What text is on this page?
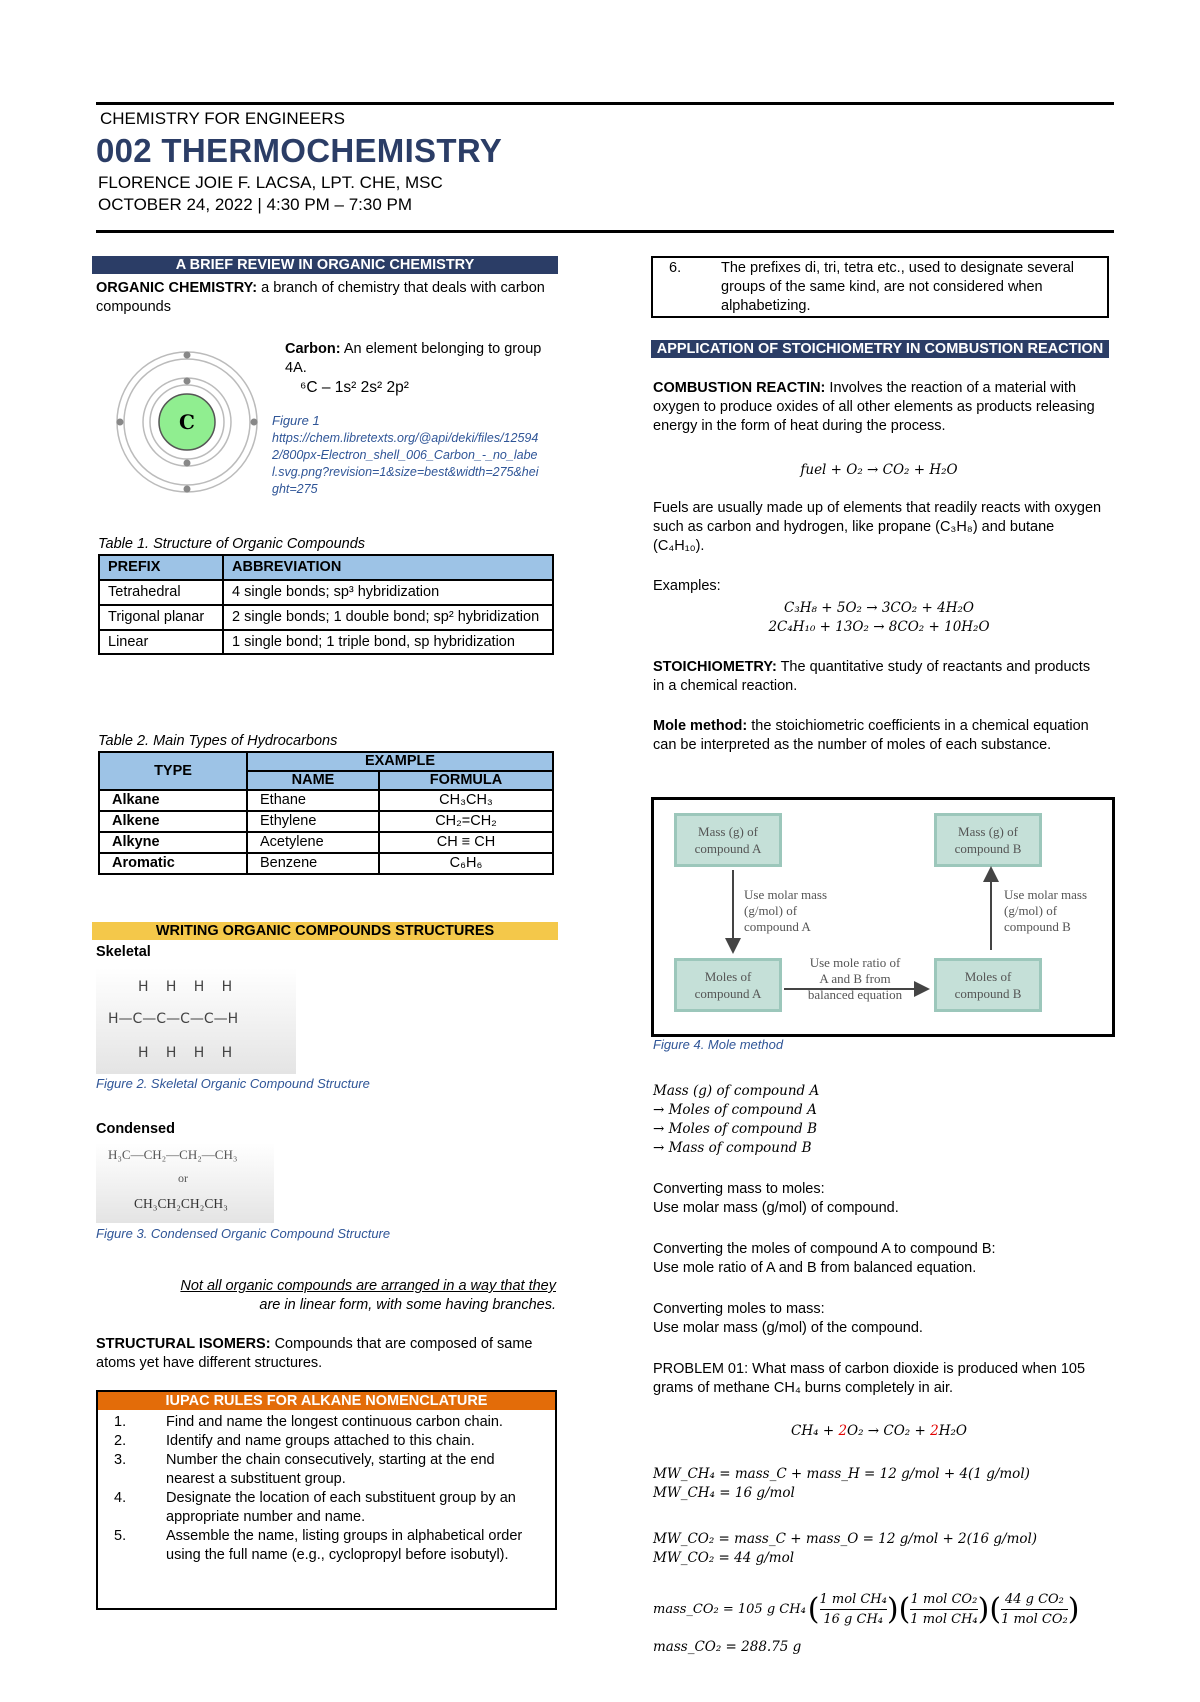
CHEMISTRY FOR ENGINEERS
002 THERMOCHEMISTRY
FLORENCE JOIE F. LACSA, LPT. CHE, MSC
OCTOBER 24, 2022 | 4:30 PM – 7:30 PM
A BRIEF REVIEW IN ORGANIC CHEMISTRY
ORGANIC CHEMISTRY: a branch of chemistry that deals with carbon compounds
C
Carbon: An element belonging to group 4A.
⁶C – 1s² 2s² 2p²
Figure 1
https://chem.libretexts.org/@api/deki/files/125942/800px-Electron_shell_006_Carbon_-_no_label.svg.png?revision=1&size=best&width=275&height=275
Table 1. Structure of Organic Compounds
PREFIX	ABBREVIATION
Tetrahedral	4 single bonds; sp³ hybridization
Trigonal planar	2 single bonds; 1 double bond; sp² hybridization
Linear	1 single bond; 1 triple bond, sp hybridization
Table 2. Main Types of Hydrocarbons
TYPE	EXAMPLE	
	NAME	FORMULA
Alkane	Ethane	CH₃CH₃
Alkene	Ethylene	CH₂=CH₂
Alkyne	Acetylene	CH ≡ CH
Aromatic	Benzene	C₆H₆
WRITING ORGANIC COMPOUNDS STRUCTURES
Skeletal
H   H   H   H
H—C—C—C—C—H
H   H   H   H
Figure 2. Skeletal Organic Compound Structure
Condensed
H₃C—CH₂—CH₂—CH₃
or
CH₃CH₂CH₂CH₃
Figure 3. Condensed Organic Compound Structure
Not all organic compounds are arranged in a way that they
are in linear form, with some having branches.
STRUCTURAL ISOMERS: Compounds that are composed of same atoms yet have different structures.
IUPAC RULES FOR ALKANE NOMENCLATURE
1.	Find and name the longest continuous carbon chain.
2.	Identify and name groups attached to this chain.
3.	Number the chain consecutively, starting at the end nearest a substituent group.
4.	Designate the location of each substituent group by an appropriate number and name.
5.	Assemble the name, listing groups in alphabetical order using the full name (e.g., cyclopropyl before isobutyl).
6.	The prefixes di, tri, tetra etc., used to designate several groups of the same kind, are not considered when alphabetizing.
APPLICATION OF STOICHIOMETRY IN COMBUSTION REACTION
COMBUSTION REACTIN: Involves the reaction of a material with oxygen to produce oxides of all other elements as products releasing energy in the form of heat during the process.
fuel + O₂ → CO₂ + H₂O
Fuels are usually made up of elements that readily reacts with oxygen such as carbon and hydrogen, like propane (C₃H₈) and butane (C₄H₁₀).
Examples:
C₃H₈ + 5O₂ → 3CO₂ + 4H₂O
2C₄H₁₀ + 13O₂ → 8CO₂ + 10H₂O
STOICHIOMETRY: The quantitative study of reactants and products in a chemical reaction.
Mole method: the stoichiometric coefficients in a chemical equation can be interpreted as the number of moles of each substance.
Mass (g) of compound A
Mass (g) of compound B
Moles of compound A
Moles of compound B
Use molar mass (g/mol) of compound A
Use molar mass (g/mol) of compound B
Use mole ratio of A and B from balanced equation
Figure 4. Mole method
Mass (g) of compound A
→ Moles of compound A
→ Moles of compound B
→ Mass of compound B
Converting mass to moles:
Use molar mass (g/mol) of compound.
Converting the moles of compound A to compound B:
Use mole ratio of A and B from balanced equation.
Converting moles to mass:
Use molar mass (g/mol) of the compound.
PROBLEM 01: What mass of carbon dioxide is produced when 105 grams of methane CH₄ burns completely in air.
CH₄ + 2O₂ → CO₂ + 2H₂O
MW_CH₄ = mass_C + mass_H = 12 g/mol + 4(1 g/mol)
MW_CH₄ = 16 g/mol
MW_CO₂ = mass_C + mass_O = 12 g/mol + 2(16 g/mol)
MW_CO₂ = 44 g/mol
mass_CO₂ = 105 g CH₄ ( 1 mol CH₄
16 g CH₄ ) ( 1 mol CO₂
1 mol CH₄ ) ( 44 g CO₂
1 mol CO₂ )
mass_CO₂ = 288.75 g
